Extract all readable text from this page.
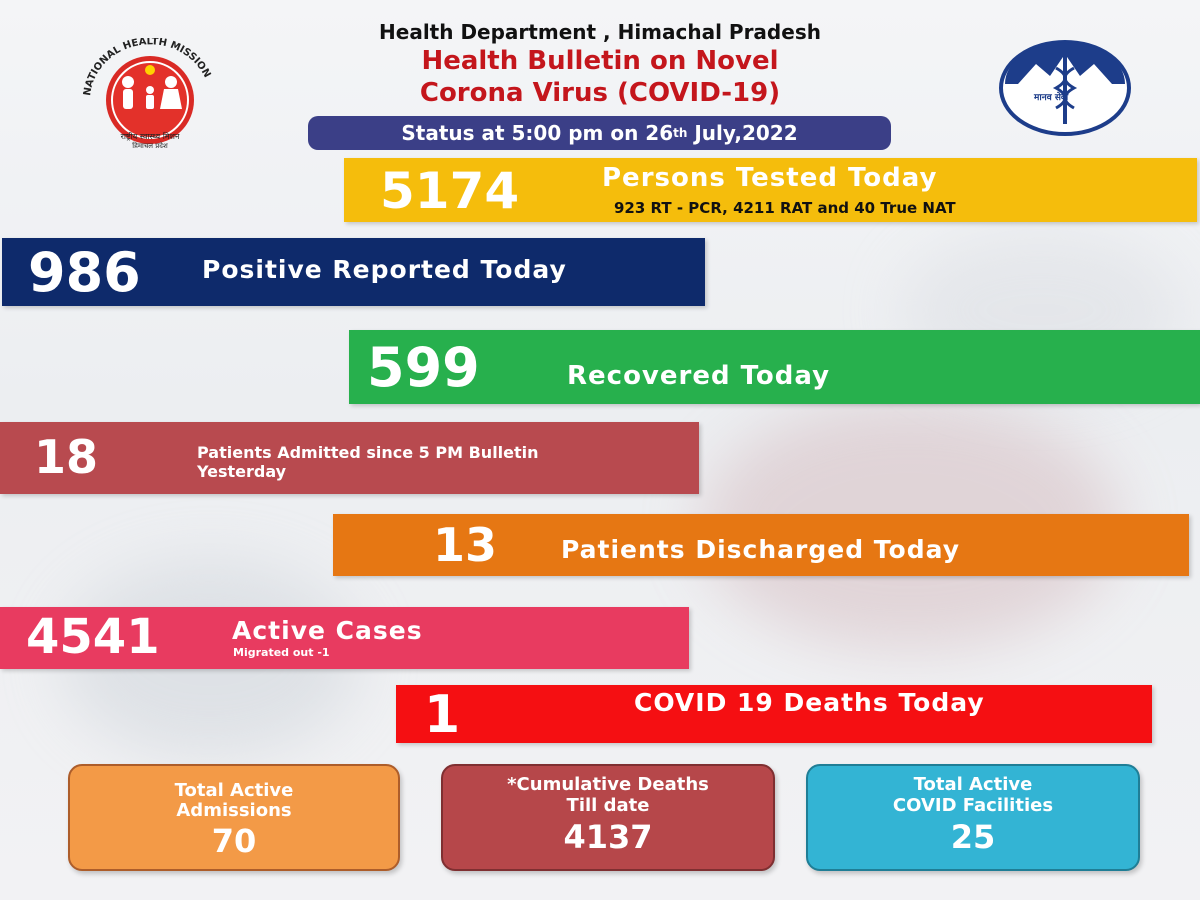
NATIONAL HEALTH MISSION
राष्ट्रीय स्वास्थ्य मिशन
हिमाचल प्रदेश
मानव सेवा
Health Department , Himachal Pradesh
Health Bulletin on Novel
Corona Virus (COVID-19)
Status at 5:00 pm on 26 th July,2022
5174	Persons Tested Today
923 RT - PCR, 4211 RAT and 40 True NAT
986 Positive Reported Today
599	Recovered Today
18	Patients Admitted since 5 PM Bulletin
Yesterday
13	Patients Discharged Today
4541	Active Cases
Migrated out -1
1	COVID 19 Deaths Today
Total Active
Admissions
70
*Cumulative Deaths
Till date
4137
Total Active
COVID Facilities
25
